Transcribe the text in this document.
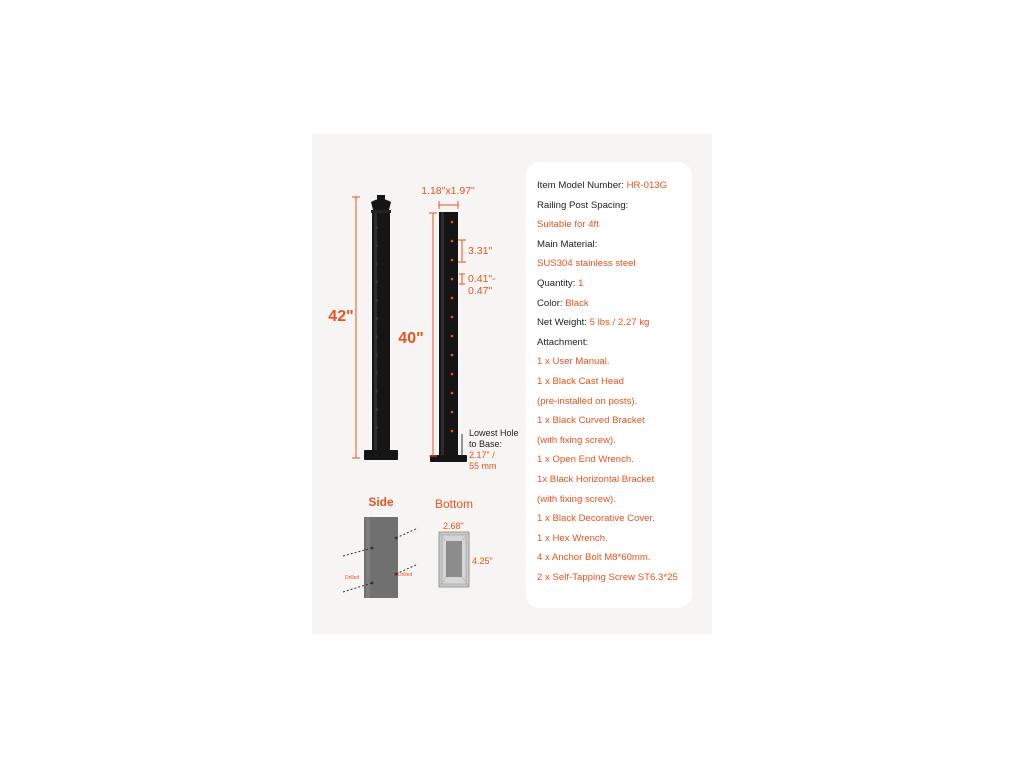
42"
1.18"x1.97"
40"
3.31"
0.41"-
0.47"
Lowest Hole
to Base:
2.17" /
55 mm
Side
Drilled	Drilled
Bottom
2.68"
4.25"
Item Model Number: HR-013G
Railing Post Spacing:
Suitable for 4ft
Main Material:
SUS304 stainless steel
Quantity: 1
Color: Black
Net Weight: 5 lbs / 2.27 kg
Attachment:
1 x User Manual.
1 x Black Cast Head
(pre-installed on posts).
1 x Black Curved Bracket
(with fixing screw).
1 x Open End Wrench.
1x Black Horizontal Bracket
(with fixing screw).
1 x Black Decorative Cover.
1 x Hex Wrench.
4 x Anchor Bolt M8*60mm.
2 x Self-Tapping Screw ST6.3*25
